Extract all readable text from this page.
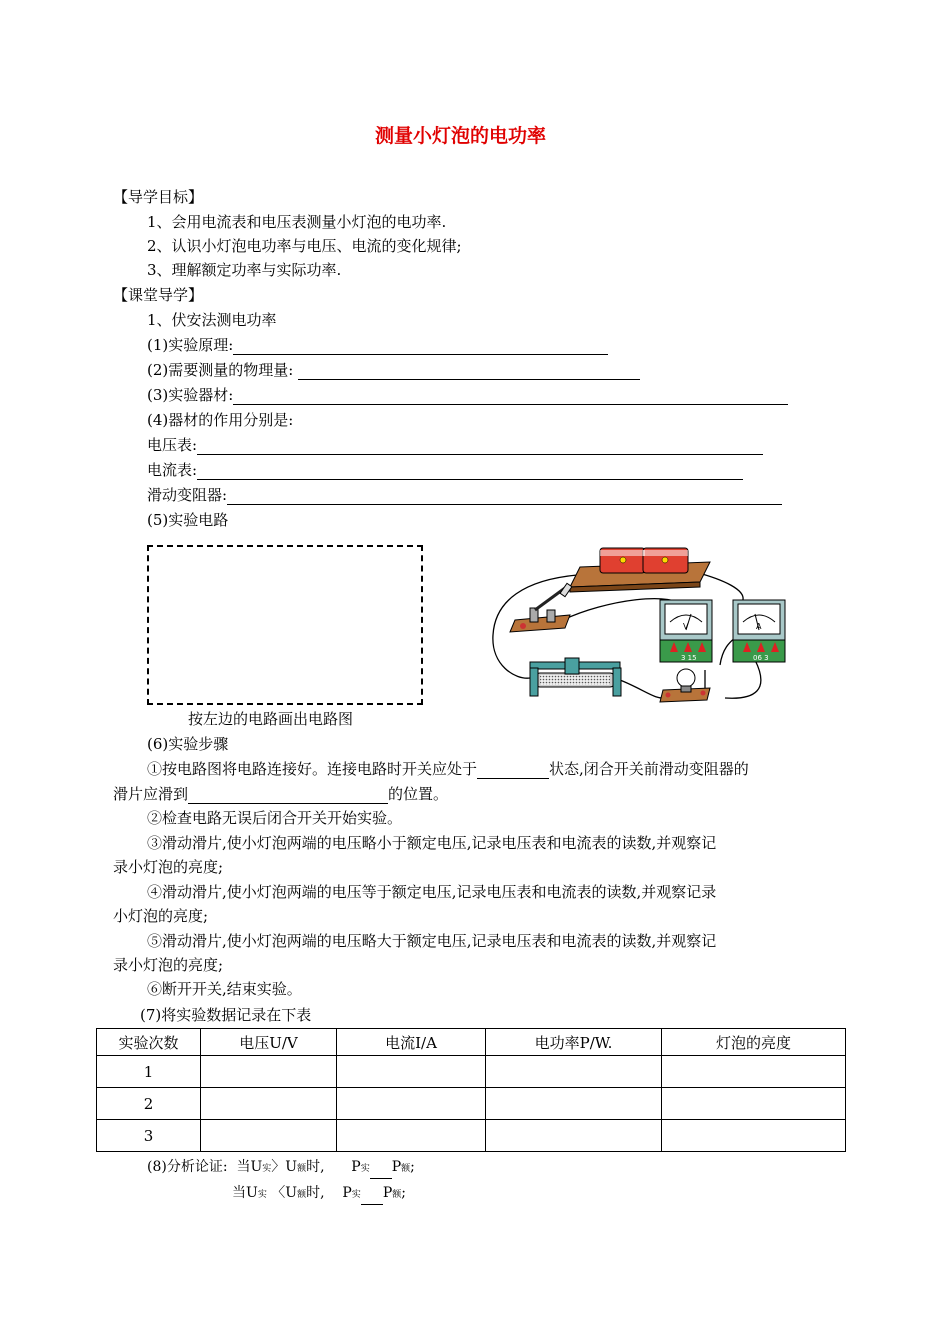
测量小灯泡的电功率
【导学目标】
1、会用电流表和电压表测量小灯泡的电功率.
2、认识小灯泡电功率与电压、电流的变化规律;
3、理解额定功率与实际功率.
【课堂导学】
1、伏安法测电功率
(1)实验原理:
(2)需要测量的物理量:
(3)实验器材:
(4)器材的作用分别是:
电压表:
电流表:
滑动变阻器:
(5)实验电路
按左边的电路画出电路图
V
3 15
A
06 3
(6)实验步骤
①按电路图将电路连接好。连接电路时开关应处于	状态,闭合开关前滑动变阻器的
滑片应滑到	的位置。
②检查电路无误后闭合开关开始实验。
③滑动滑片,使小灯泡两端的电压略小于额定电压,记录电压表和电流表的读数,并观察记
录小灯泡的亮度;
④滑动滑片,使小灯泡两端的电压等于额定电压,记录电压表和电流表的读数,并观察记录
小灯泡的亮度;
⑤滑动滑片,使小灯泡两端的电压略大于额定电压,记录电压表和电流表的读数,并观察记
录小灯泡的亮度;
⑥断开开关,结束实验。
(7)将实验数据记录在下表
实验次数	电压U/V	电流I/A	电功率P/W.	灯泡的亮度
1				
2				
3				
(8)分析论证: 当U实〉U额时, P实 P额;
当U实 〈U额时, P实 P额;
